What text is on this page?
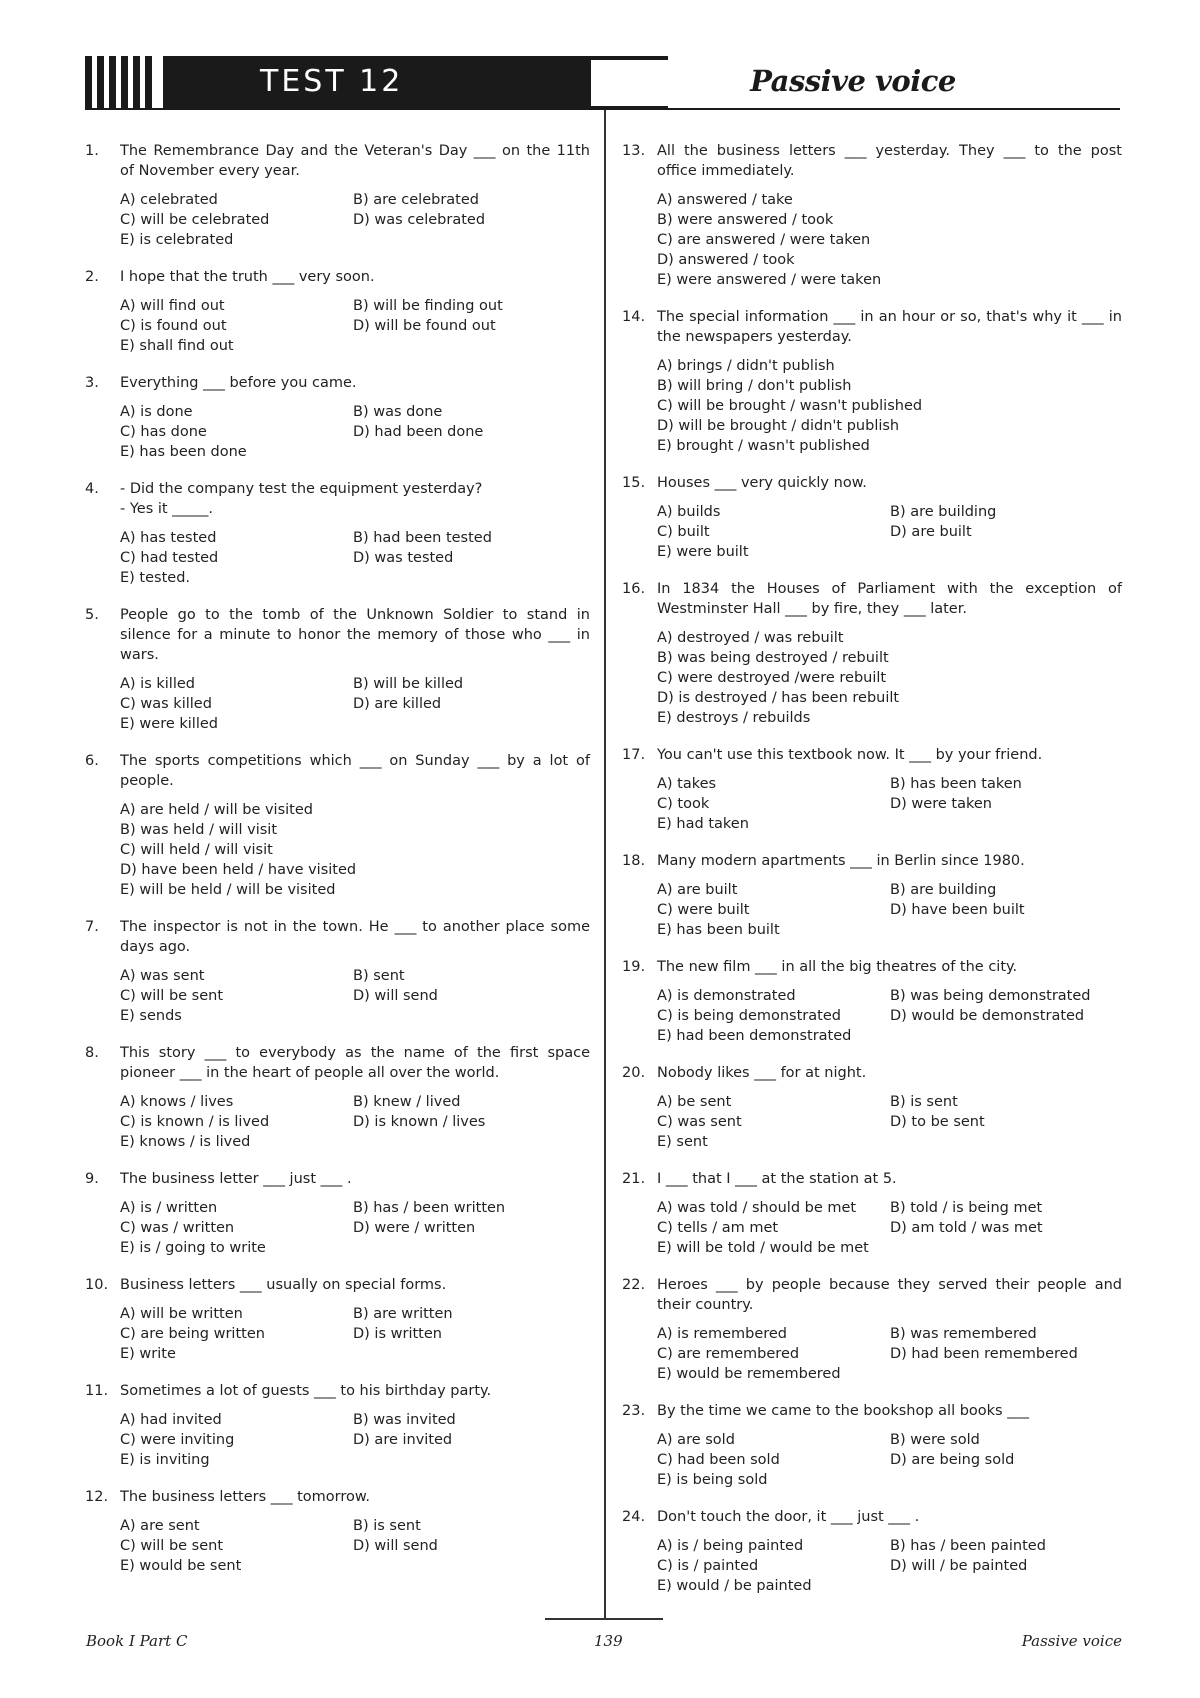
TEST 12	Passive voice
1. The Remembrance Day and the Veteran's Day ___ on the 11th of November every year.
A) celebrated	B) are celebrated
C) will be celebrated	D) was celebrated
E) is celebrated
2. I hope that the truth ___ very soon.
A) will find out	B) will be finding out
C) is found out	D) will be found out
E) shall find out
3. Everything ___ before you came.
A) is done	B) was done
C) has done	D) had been done
E) has been done
4. - Did the company test the equipment yesterday?
- Yes it _____.
A) has tested	B) had been tested
C) had tested	D) was tested
E) tested.
5. People go to the tomb of the Unknown Soldier to stand in silence for a minute to honor the memory of those who ___ in wars.
A) is killed	B) will be killed
C) was killed	D) are killed
E) were killed
6. The sports competitions which ___ on Sunday ___ by a lot of people.
A) are held / will be visited
B) was held / will visit
C) will held / will visit
D) have been held / have visited
E) will be held / will be visited
7. The inspector is not in the town. He ___ to another place some days ago.
A) was sent	B) sent
C) will be sent	D) will send
E) sends
8. This story ___ to everybody as the name of the first space pioneer ___ in the heart of people all over the world.
A) knows / lives	B) knew / lived
C) is known / is lived	D) is known / lives
E) knows / is lived
9. The business letter ___ just ___ .
A) is / written	B) has / been written
C) was / written	D) were / written
E) is / going to write
10. Business letters ___ usually on special forms.
A) will be written	B) are written
C) are being written	D) is written
E) write
11. Sometimes a lot of guests ___ to his birthday party.
A) had invited	B) was invited
C) were inviting	D) are invited
E) is inviting
12. The business letters ___ tomorrow.
A) are sent	B) is sent
C) will be sent	D) will send
E) would be sent
13. All the business letters ___ yesterday. They ___ to the post office immediately.
A) answered / take
B) were answered / took
C) are answered / were taken
D) answered / took
E) were answered / were taken
14. The special information ___ in an hour or so, that's why it ___ in the newspapers yesterday.
A) brings / didn't publish
B) will bring / don't publish
C) will be brought / wasn't published
D) will be brought / didn't publish
E) brought / wasn't published
15. Houses ___ very quickly now.
A) builds	B) are building
C) built	D) are built
E) were built
16. In 1834 the Houses of Parliament with the exception of Westminster Hall ___ by fire, they ___ later.
A) destroyed / was rebuilt
B) was being destroyed / rebuilt
C) were destroyed /were rebuilt
D) is destroyed / has been rebuilt
E) destroys / rebuilds
17. You can't use this textbook now. It ___ by your friend.
A) takes	B) has been taken
C) took	D) were taken
E) had taken
18. Many modern apartments ___ in Berlin since 1980.
A) are built	B) are building
C) were built	D) have been built
E) has been built
19. The new film ___ in all the big theatres of the city.
A) is demonstrated	B) was being demonstrated
C) is being demonstrated	D) would be demonstrated
E) had been demonstrated
20. Nobody likes ___ for at night.
A) be sent	B) is sent
C) was sent	D) to be sent
E) sent
21. I ___ that I ___ at the station at 5.
A) was told / should be met	B) told / is being met
C) tells / am met	D) am told / was met
E) will be told / would be met
22. Heroes ___ by people because they served their people and their country.
A) is remembered	B) was remembered
C) are remembered	D) had been remembered
E) would be remembered
23. By the time we came to the bookshop all books ___
A) are sold	B) were sold
C) had been sold	D) are being sold
E) is being sold
24. Don't touch the door, it ___ just ___ .
A) is / being painted	B) has / been painted
C) is / painted	D) will / be painted
E) would / be painted
Book I Part C	139	Passive voice
